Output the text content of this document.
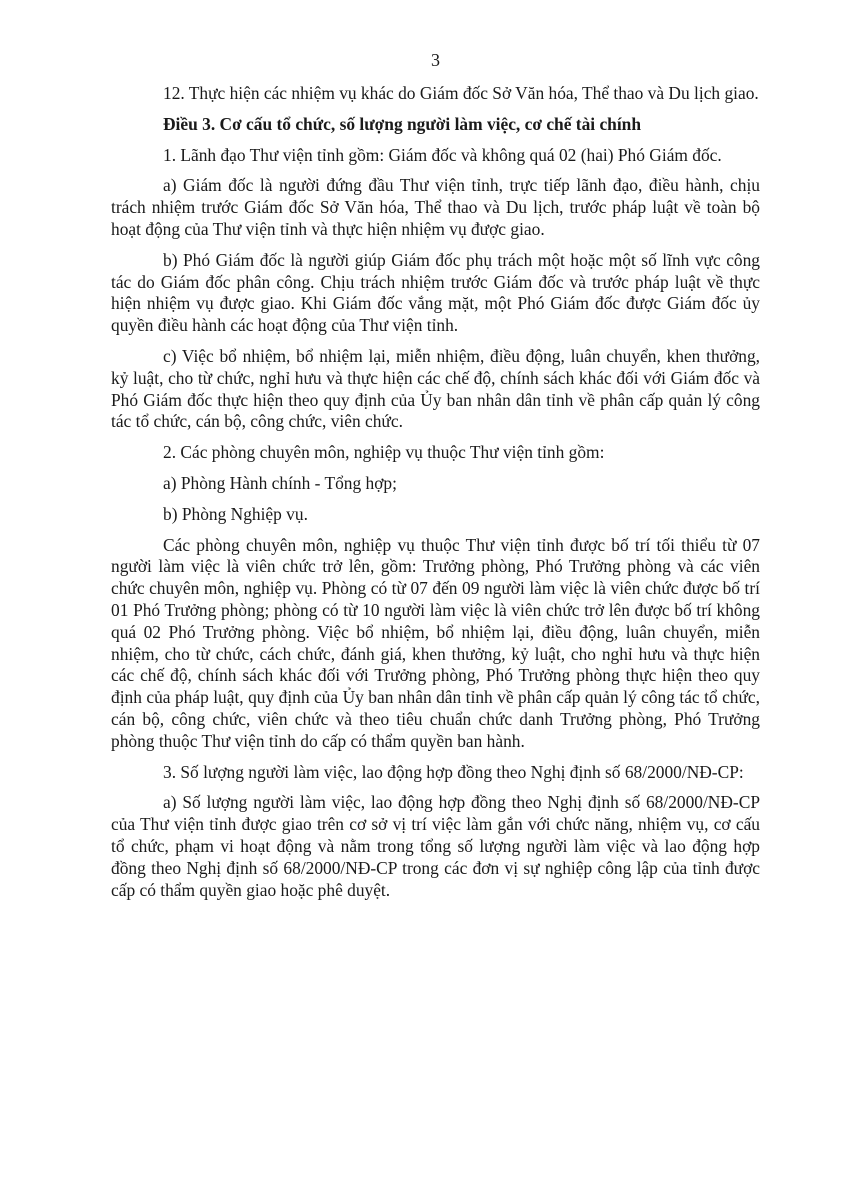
3

12. Thực hiện các nhiệm vụ khác do Giám đốc Sở Văn hóa, Thể thao và Du lịch giao.

Điều 3. Cơ cấu tổ chức, số lượng người làm việc, cơ chế tài chính

1. Lãnh đạo Thư viện tỉnh gồm: Giám đốc và không quá 02 (hai) Phó Giám đốc.

a) Giám đốc là người đứng đầu Thư viện tỉnh, trực tiếp lãnh đạo, điều hành, chịu trách nhiệm trước Giám đốc Sở Văn hóa, Thể thao và Du lịch, trước pháp luật về toàn bộ hoạt động của Thư viện tỉnh và thực hiện nhiệm vụ được giao.

b) Phó Giám đốc là người giúp Giám đốc phụ trách một hoặc một số lĩnh vực công tác do Giám đốc phân công. Chịu trách nhiệm trước Giám đốc và trước pháp luật về thực hiện nhiệm vụ được giao. Khi Giám đốc vắng mặt, một Phó Giám đốc được Giám đốc ủy quyền điều hành các hoạt động của Thư viện tỉnh.

c) Việc bổ nhiệm, bổ nhiệm lại, miễn nhiệm, điều động, luân chuyển, khen thưởng, kỷ luật, cho từ chức, nghỉ hưu và thực hiện các chế độ, chính sách khác đối với Giám đốc và Phó Giám đốc thực hiện theo quy định của Ủy ban nhân dân tỉnh về phân cấp quản lý công tác tổ chức, cán bộ, công chức, viên chức.

2. Các phòng chuyên môn, nghiệp vụ thuộc Thư viện tỉnh gồm:

a) Phòng Hành chính - Tổng hợp;

b) Phòng Nghiệp vụ.

Các phòng chuyên môn, nghiệp vụ thuộc Thư viện tỉnh được bố trí tối thiểu từ 07 người làm việc là viên chức trở lên, gồm: Trưởng phòng, Phó Trưởng phòng và các viên chức chuyên môn, nghiệp vụ. Phòng có từ 07 đến 09 người làm việc là viên chức được bố trí 01 Phó Trưởng phòng; phòng có từ 10 người làm việc là viên chức trở lên được bố trí không quá 02 Phó Trưởng phòng. Việc bổ nhiệm, bổ nhiệm lại, điều động, luân chuyển, miễn nhiệm, cho từ chức, cách chức, đánh giá, khen thưởng, kỷ luật, cho nghỉ hưu và thực hiện các chế độ, chính sách khác đối với Trưởng phòng, Phó Trưởng phòng thực hiện theo quy định của pháp luật, quy định của Ủy ban nhân dân tỉnh về phân cấp quản lý công tác tổ chức, cán bộ, công chức, viên chức và theo tiêu chuẩn chức danh Trưởng phòng, Phó Trưởng phòng thuộc Thư viện tỉnh do cấp có thẩm quyền ban hành.

3. Số lượng người làm việc, lao động hợp đồng theo Nghị định số 68/2000/NĐ-CP:

a) Số lượng người làm việc, lao động hợp đồng theo Nghị định số 68/2000/NĐ-CP của Thư viện tỉnh được giao trên cơ sở vị trí việc làm gắn với chức năng, nhiệm vụ, cơ cấu tổ chức, phạm vi hoạt động và nằm trong tổng số lượng người làm việc và lao động hợp đồng theo Nghị định số 68/2000/NĐ-CP trong các đơn vị sự nghiệp công lập của tỉnh được cấp có thẩm quyền giao hoặc phê duyệt.
